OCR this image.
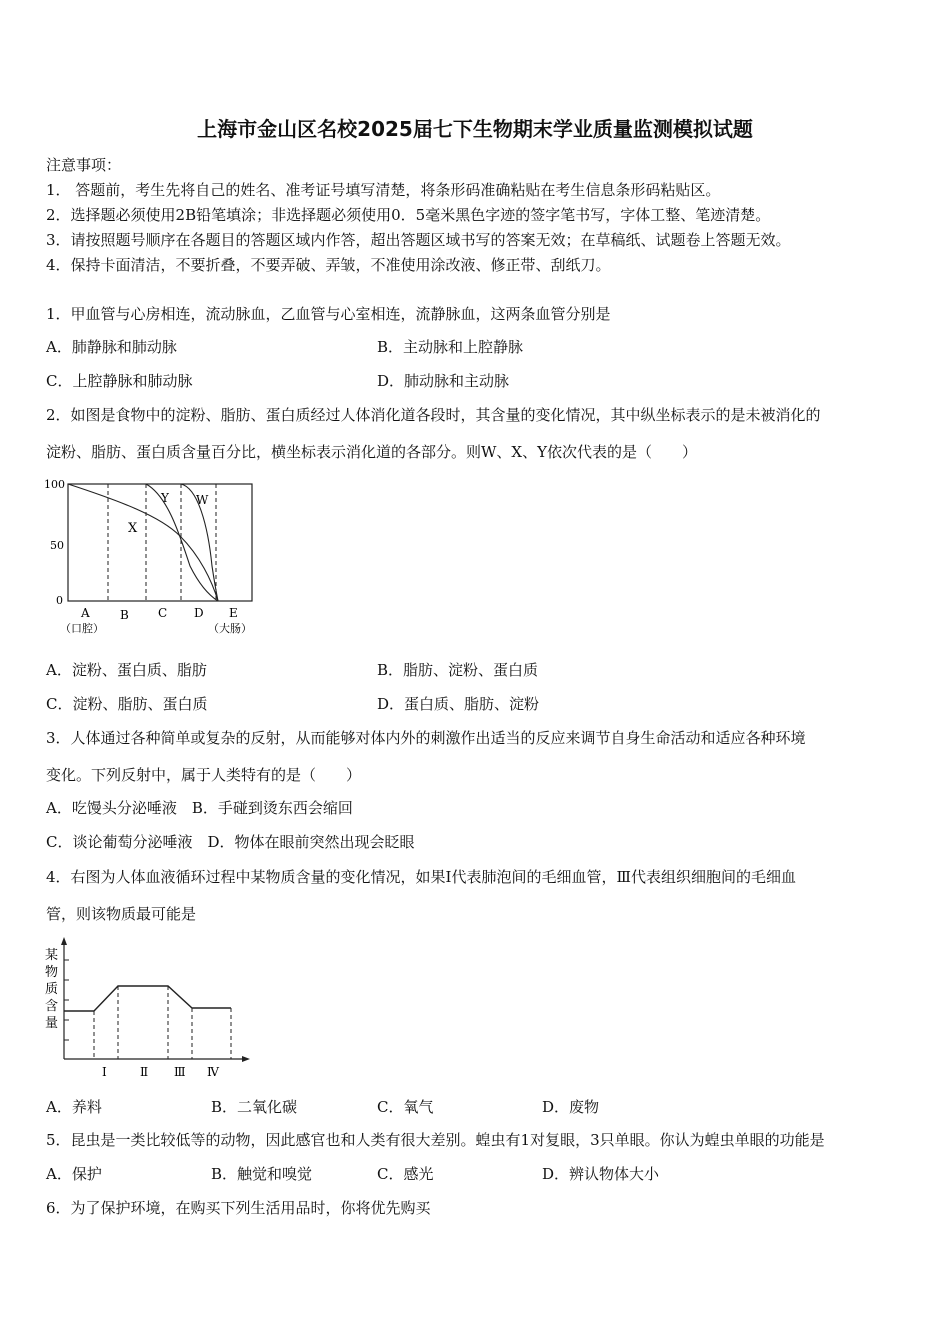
上海市金山区名校2025届七下生物期末学业质量监测模拟试题
注意事项：
1． 答题前，考生先将自己的姓名、准考证号填写清楚，将条形码准确粘贴在考生信息条形码粘贴区。
2．选择题必须使用2B铅笔填涂；非选择题必须使用0．5毫米黑色字迹的签字笔书写，字体工整、笔迹清楚。
3．请按照题号顺序在各题目的答题区域内作答，超出答题区域书写的答案无效；在草稿纸、试题卷上答题无效。
4．保持卡面清洁，不要折叠，不要弄破、弄皱，不准使用涂改液、修正带、刮纸刀。
1．甲血管与心房相连，流动脉血，乙血管与心室相连，流静脉血，这两条血管分别是
A．肺静脉和肺动脉	B．主动脉和上腔静脉
C．上腔静脉和肺动脉	D．肺动脉和主动脉
2．如图是食物中的淀粉、脂肪、蛋白质经过人体消化道各段时，其含量的变化情况，其中纵坐标表示的是未被消化的
淀粉、脂肪、蛋白质含量百分比，横坐标表示消化道的各部分。则W、X、Y依次代表的是（　　）
100
50
0
X
Y W
A	B C D E
（口腔）	（大肠）
A．淀粉、蛋白质、脂肪	B．脂肪、淀粉、蛋白质
C．淀粉、脂肪、蛋白质	D．蛋白质、脂肪、淀粉
3．人体通过各种简单或复杂的反射，从而能够对体内外的刺激作出适当的反应来调节自身生命活动和适应各种环境
变化。下列反射中，属于人类特有的是（　　）
A．吃馒头分泌唾液　B．手碰到烫东西会缩回
C．谈论葡萄分泌唾液　D．物体在眼前突然出现会眨眼
4．右图为人体血液循环过程中某物质含量的变化情况，如果Ⅰ代表肺泡间的毛细血管，Ⅲ代表组织细胞间的毛细血
管，则该物质最可能是
某
物
质
含
量
Ⅰ	Ⅱ Ⅲ Ⅳ
A．养料	B．二氧化碳	C．氧气	D．废物
5．昆虫是一类比较低等的动物，因此感官也和人类有很大差别。蝗虫有1对复眼，3只单眼。你认为蝗虫单眼的功能是
A．保护	B．触觉和嗅觉	C．感光	D．辨认物体大小
6．为了保护环境，在购买下列生活用品时，你将优先购买
